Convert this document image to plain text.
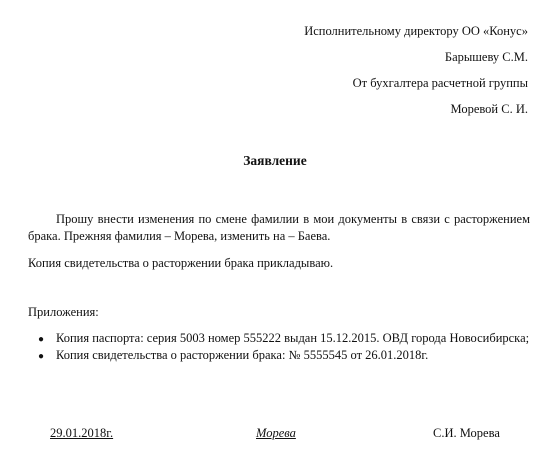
Исполнительному директору ОО «Конус»
Барышеву С.М.
От бухгалтера расчетной группы
Моревой С. И.
Заявление
Прошу внести изменения по смене фамилии в мои документы в связи с расторжением брака. Прежняя фамилия – Морева, изменить на – Баева.
Копия свидетельства о расторжении брака прикладываю.
Приложения:
● Копия паспорта: серия 5003 номер 555222 выдан 15.12.2015. ОВД города Новосибирска;
● Копия свидетельства о расторжении брака: № 5555545 от 26.01.2018г.
29.01.2018г.	Морева	С.И. Морева
